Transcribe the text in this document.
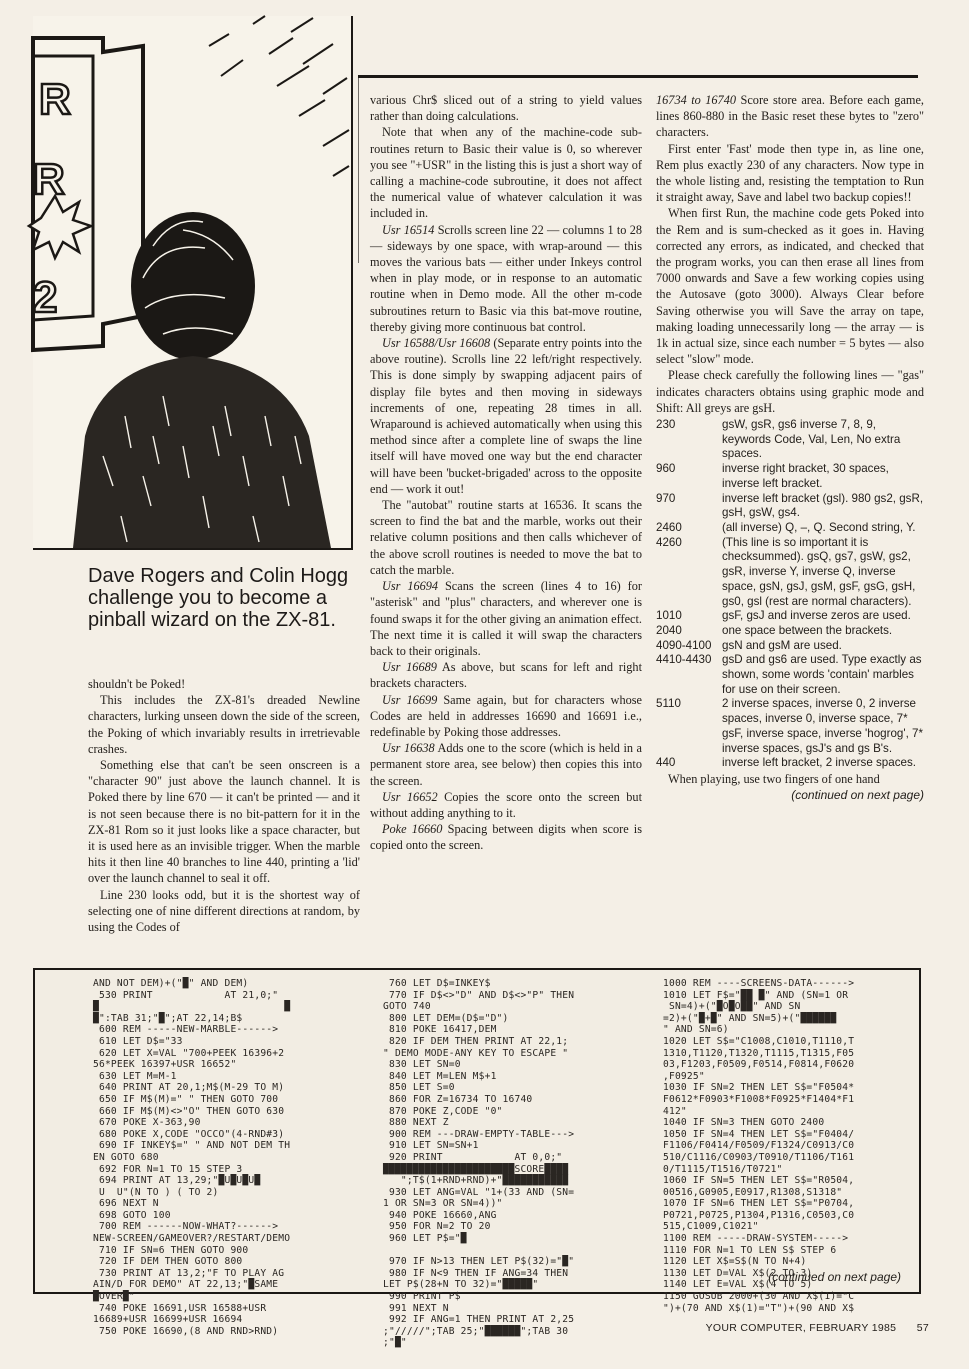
R
R
2

Dave Rogers and Colin Hogg challenge you to become a pinball wizard on the ZX-81.

shouldn't be Poked!

This includes the ZX-81's dreaded Newline characters, lurking unseen down the side of the screen, the Poking of which invariably results in irretrievable crashes.

Something else that can't be seen onscreen is a "character 90" just above the launch channel. It is Poked there by line 670 — it can't be printed — and it is not seen because there is no bit-pattern for it in the ZX-81 Rom so it just looks like a space character, but it is used here as an invisible trigger. When the marble hits it then line 40 branches to line 440, printing a 'lid' over the launch channel to seal it off.

Line 230 looks odd, but it is the shortest way of selecting one of nine different directions at random, by using the Codes of

various Chr$ sliced out of a string to yield values rather than doing calculations.

Note that when any of the machine-code sub-routines return to Basic their value is 0, so wherever you see "+USR" in the listing this is just a short way of calling a machine-code subroutine, it does not affect the numerical value of whatever calculation it was included in.

Usr 16514 Scrolls screen line 22 — columns 1 to 28 — sideways by one space, with wrap-around — this moves the various bats — either under Inkeys control when in play mode, or in response to an automatic routine when in Demo mode. All the other m-code subroutines return to Basic via this bat-move routine, thereby giving more continuous bat control.

Usr 16588/Usr 16608 (Separate entry points into the above routine). Scrolls line 22 left/right respectively. This is done simply by swapping adjacent pairs of display file bytes and then moving in sideways increments of one, repeating 28 times in all. Wraparound is achieved automatically when using this method since after a complete line of swaps the line itself will have moved one way but the end character will have been 'bucket-brigaded' across to the opposite end — work it out!

The "autobat" routine starts at 16536. It scans the screen to find the bat and the marble, works out their relative column positions and then calls whichever of the above scroll routines is needed to move the bat to catch the marble.

Usr 16694 Scans the screen (lines 4 to 16) for "asterisk" and "plus" characters, and wherever one is found swaps it for the other giving an animation effect. The next time it is called it will swap the characters back to their originals.

Usr 16689 As above, but scans for left and right brackets characters.

Usr 16699 Same again, but for characters whose Codes are held in addresses 16690 and 16691 i.e., redefinable by Poking those addresses.

Usr 16638 Adds one to the score (which is held in a permanent store area, see below) then copies this into the screen.

Usr 16652 Copies the score onto the screen but without adding anything to it.

Poke 16660 Spacing between digits when score is copied onto the screen.

16734 to 16740 Score store area. Before each game, lines 860-880 in the Basic reset these bytes to "zero" characters.

First enter 'Fast' mode then type in, as line one, Rem plus exactly 230 of any characters. Now type in the whole listing and, resisting the temptation to Run it straight away, Save and label two backup copies!!

When first Run, the machine code gets Poked into the Rem and is sum-checked as it goes in. Having corrected any errors, as indicated, and checked that the program works, you can then erase all lines from 7000 onwards and Save a few working copies using the Autosave (goto 3000). Always Clear before Saving otherwise you will Save the array on tape, making loading unnecessarily long — the array — is 1k in actual size, since each number = 5 bytes — also select "slow" mode.

Please check carefully the following lines — "gas" indicates characters obtains using graphic mode and Shift: All greys are gsH.

230	gsW, gsR, gs6 inverse 7, 8, 9, keywords Code, Val, Len, No extra spaces.
960	inverse right bracket, 30 spaces, inverse left bracket.
970	inverse left bracket (gsl). 980 gs2, gsR, gsH, gsW, gs4.
2460	(all inverse) Q, –, Q. Second string, Y.
4260	(This line is so important it is checksummed). gsQ, gs7, gsW, gs2, gsR, inverse Y, inverse Q, inverse space, gsN, gsJ, gsM, gsF, gsG, gsH, gs0, gsl (rest are normal characters).
1010	gsF, gsJ and inverse zeros are used.
2040	one space between the brackets.
4090-4100 gsN and gsM are used.
4410-4430 gsD and gs6 are used. Type exactly as shown, some words 'contain' marbles for use on their screen.
5110	2 inverse spaces, inverse 0, 2 inverse spaces, inverse 0, inverse space, 7* gsF, inverse space, inverse 'hogrog', 7* inverse spaces, gsJ's and gs B's.
440	inverse left bracket, 2 inverse spaces.

When playing, use two fingers of one hand

(continued on next page)
AND NOT DEM)+("█" AND DEM)
530 PRINT            AT 21,0;"
█                               █
█":TAB 31;"█";AT 22,14;B$
600 REM -----NEW-MARBLE------>
610 LET D$="33
620 LET X=VAL "700+PEEK 16396+2
56*PEEK 16397+USR 16652"
630 LET M=M-1
640 PRINT AT 20,1;M$(M-29 TO M)
650 IF M$(M)=" " THEN GOTO 700
660 IF M$(M)<>"O" THEN GOTO 630
670 POKE X-363,90
680 POKE X,CODE "OCCO"(4-RND#3)
690 IF INKEY$=" " AND NOT DEM TH
EN GOTO 680
692 FOR N=1 TO 15 STEP 3
694 PRINT AT 13,29;"█U█U█U█
U  U"(N TO ) ( TO 2)
696 NEXT N
698 GOTO 100
700 REM ------NOW-WHAT?------>
NEW-SCREEN/GAMEOVER?/RESTART/DEMO
710 IF SN=6 THEN GOTO 900
720 IF DEM THEN GOTO 800
730 PRINT AT 13,2;"F TO PLAY AG
AIN/D FOR DEMO" AT 22,13;"█SAME
█OVER█"
740 POKE 16691,USR 16588+USR
16689+USR 16699+USR 16694
750 POKE 16690,(8 AND RND>RND)
760 LET D$=INKEY$
770 IF D$<>"D" AND D$<>"P" THEN
GOTO 740
800 LET DEM=(D$="D")
810 POKE 16417,DEM
820 IF DEM THEN PRINT AT 22,1;
" DEMO MODE-ANY KEY TO ESCAPE "
830 LET SN=0
840 LET M=LEN M$+1
850 LET S=0
860 FOR Z=16734 TO 16740
870 POKE Z,CODE "0"
880 NEXT Z
900 REM ---DRAW-EMPTY-TABLE--->
910 LET SN=SN+1
920 PRINT            AT 0,0;"
██████████████████████SCORE████
";T$(1+RND+RND)+"███████████
930 LET ANG=VAL "1+(33 AND (SN=
1 OR SN=3 OR SN=4))"
940 POKE 16660,ANG
950 FOR N=2 TO 20
960 LET P$="█

970 IF N>13 THEN LET P$(32)="█"
980 IF N<9 THEN IF ANG=34 THEN
LET P$(28+N TO 32)="█████"
990 PRINT P$
991 NEXT N
992 IF ANG=1 THEN PRINT AT 2,25
;"/////";TAB 25;"██████";TAB 30
;"█"
1000 REM ----SCREENS-DATA------>
1010 LET F$="██ █" AND (SN=1 OR
SN=4)+("█O█O██" AND SN
=2)+("█+█" AND SN=5)+("██████
" AND SN=6)
1020 LET S$="C1008,C1010,T1110,T
1310,T1120,T1320,T1115,T1315,F05
03,F1203,F0509,F0514,F0814,F0620
,F0925"
1030 IF SN=2 THEN LET S$="F0504*
F0612*F0903*F1008*F0925*F1404*F1
412"
1040 IF SN=3 THEN GOTO 2400
1050 IF SN=4 THEN LET S$="F0404/
F1106/F0414/F0509/F1324/C0913/C0
510/C1116/C0903/T0910/T1106/T161
0/T1115/T1516/T0721"
1060 IF SN=5 THEN LET S$="R0504,
00516,G0905,E0917,R1308,S1318"
1070 IF SN=6 THEN LET S$="P0704,
P0721,P0725,P1304,P1316,C0503,C0
515,C1009,C1021"
1100 REM -----DRAW-SYSTEM----->
1110 FOR N=1 TO LEN S$ STEP 6
1120 LET X$=S$(N TO N+4)
1130 LET D=VAL X$(2 TO 3)
1140 LET E=VAL X$(4 TO 5)
1150 GOSUB 2000+(30 AND X$(1)="C
")+(70 AND X$(1)="T")+(90 AND X$
(continued on next page)
YOUR COMPUTER, FEBRUARY 1985 57
